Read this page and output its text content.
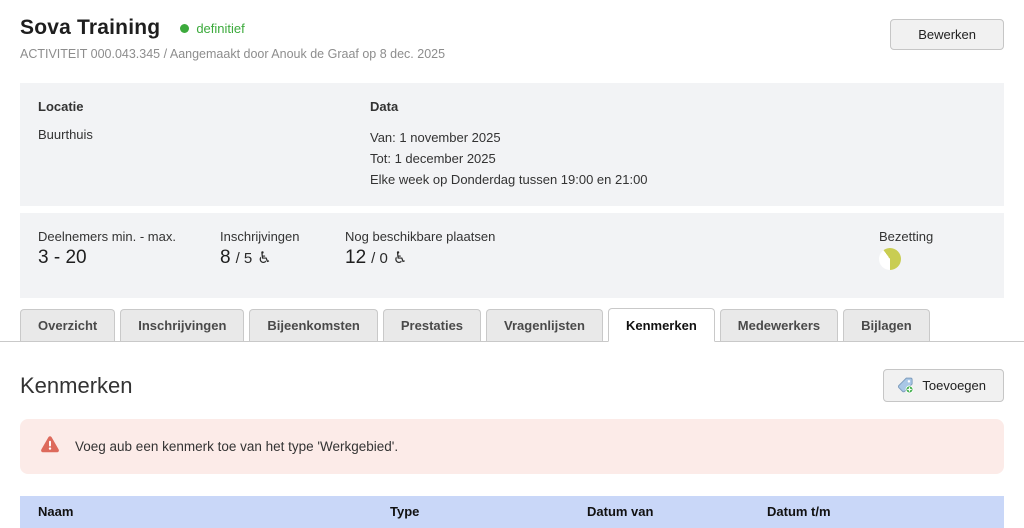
Sova Training	definitief
ACTIVITEIT 000.043.345 / Aangemaakt door Anouk de Graaf op 8 dec. 2025
Bewerken
Locatie
Buurthuis
Data
Van: 1 november 2025
Tot: 1 december 2025
Elke week op Donderdag tussen 19:00 en 21:00
Deelnemers min. - max.
3 - 20
Inschrijvingen
8 / 5 ♿
Nog beschikbare plaatsen
12 / 0 ♿
Bezetting
Overzicht	Inschrijvingen	Bijeenkomsten	Prestaties	Vragenlijsten	Kenmerken	Medewerkers	Bijlagen
Kenmerken	Toevoegen
Voeg aub een kenmerk toe van het type 'Werkgebied'.
Naam	Type	Datum van	Datum t/m
